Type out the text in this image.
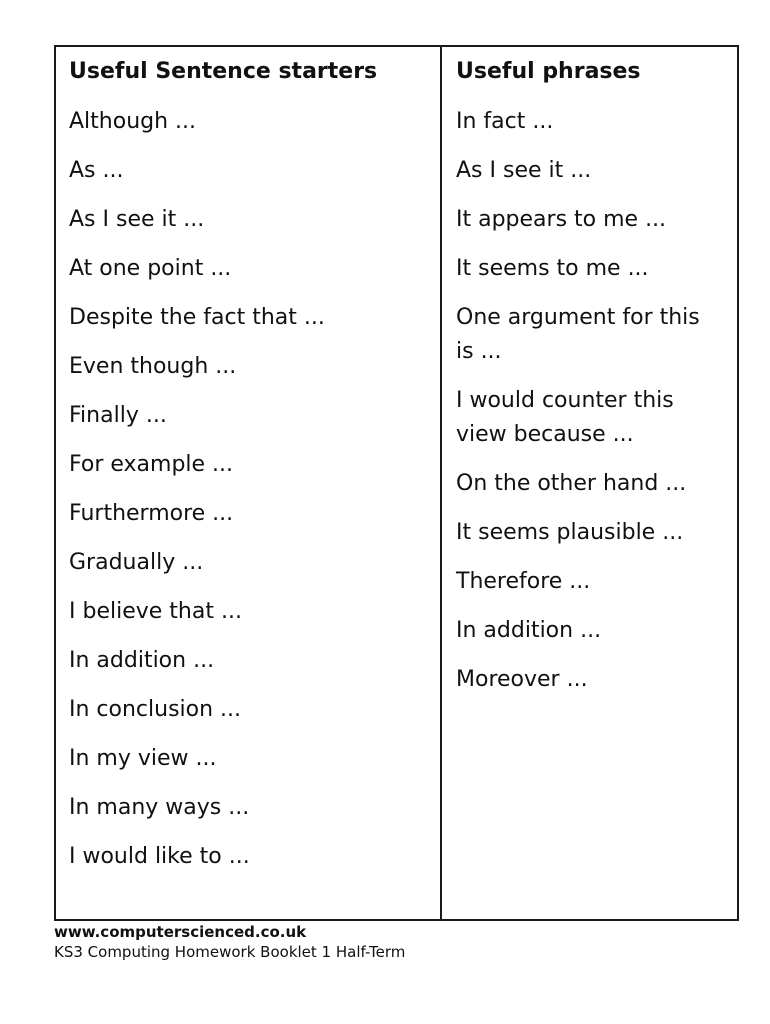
Useful Sentence starters
Although ...
As ...
As I see it ...
At one point ...
Despite the fact that ...
Even though ...
Finally ...
For example ...
Furthermore ...
Gradually ...
I believe that ...
In addition ...
In conclusion ...
In my view ...
In many ways ...
I would like to ...
Useful phrases
In fact ...
As I see it ...
It appears to me ...
It seems to me ...
One argument for this is ...
I would counter this view because ...
On the other hand ...
It seems plausible ...
Therefore ...
In addition ...
Moreover ...
www.computerscienced.co.uk
KS3 Computing Homework Booklet 1 Half-Term
